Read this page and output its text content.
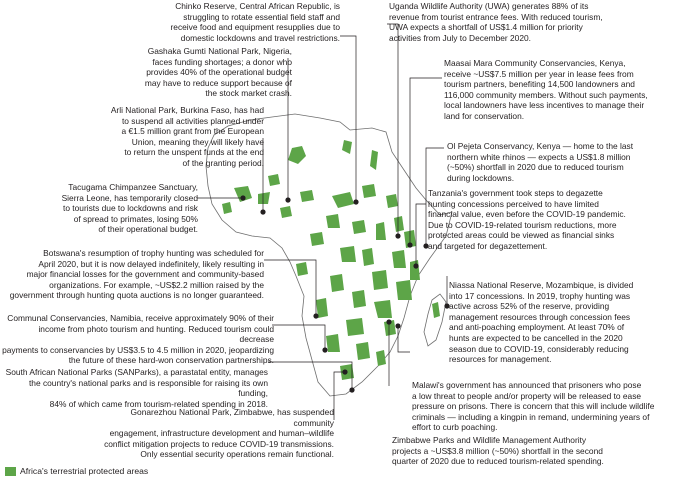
Chinko Reserve, Central African Republic, is
struggling to rotate essential field staff and
receive food and equipment resupplies due to
domestic lockdowns and travel restrictions.
Gashaka Gumti National Park, Nigeria,
faces funding shortages; a donor who
provides 40% of the operational budget
may have to reduce support because of
the stock market crash.
Arli National Park, Burkina Faso, has had
to suspend all activities planned under
a €1.5 million grant from the European
Union, meaning they will likely have
to return the unspent funds at the end
of the granting period.
Tacugama Chimpanzee Sanctuary,
Sierra Leone, has temporarily closed
to tourists due to lockdowns and risk
of spread to primates, losing 50%
of their operational budget.
Botswana's resumption of trophy hunting was scheduled for
April 2020, but it is now delayed indefinitely, likely resulting in
major financial losses for the government and community-based
organizations. For example, ~US$2.2 million raised by the
government through hunting quota auctions is no longer guaranteed.
Communal Conservancies, Namibia, receive approximately 90% of their
income from photo tourism and hunting. Reduced tourism could decrease
payments to conservancies by US$3.5 to 4.5 million in 2020, jeopardizing
the future of these hard-won conservation partnerships.
South African National Parks (SANParks), a parastatal entity, manages
the country's national parks and is responsible for raising its own funding,
84% of which came from tourism-related spending in 2018.
Gonarezhou National Park, Zimbabwe, has suspended community
engagement, infrastructure development and human–wildlife
conflict mitigation projects to reduce COVID-19 transmissions.
Only essential security operations remain functional.
Uganda Wildlife Authority (UWA) generates 88% of its
revenue from tourist entrance fees. With reduced tourism,
UWA expects a shortfall of US$1.4 million for priority
activities from July to December 2020.
Maasai Mara Community Conservancies, Kenya,
receive ~US$7.5 million per year in lease fees from
tourism partners, benefiting 14,500 landowners and
116,000 community members. Without such payments,
local landowners have less incentives to manage their
land for conservation.
Ol Pejeta Conservancy, Kenya — home to the last
northern white rhinos — expects a US$1.8 million
(~50%) shortfall in 2020 due to reduced tourism
during lockdowns.
Tanzania's government took steps to degazette
hunting concessions perceived to have limited
financial value, even before the COVID-19 pandemic.
Due to COVID-19-related tourism reductions, more
protected areas could be viewed as financial sinks
and targeted for degazettement.
Niassa National Reserve, Mozambique, is divided
into 17 concessions. In 2019, trophy hunting was
active across 52% of the reserve, providing
management resources through concession fees
and anti-poaching employment. At least 70% of
hunts are expected to be cancelled in the 2020
season due to COVID-19, considerably reducing
resources for management.
Malawi's government has announced that prisoners who pose
a low threat to people and/or property will be released to ease
pressure on prisons. There is concern that this will include wildlife
criminals — including a kingpin in remand, undermining years of
effort to curb poaching.
Zimbabwe Parks and Wildlife Management Authority
projects a ~US$3.8 million (~50%) shortfall in the second
quarter of 2020 due to reduced tourism-related spending.
Africa's terrestrial protected areas
